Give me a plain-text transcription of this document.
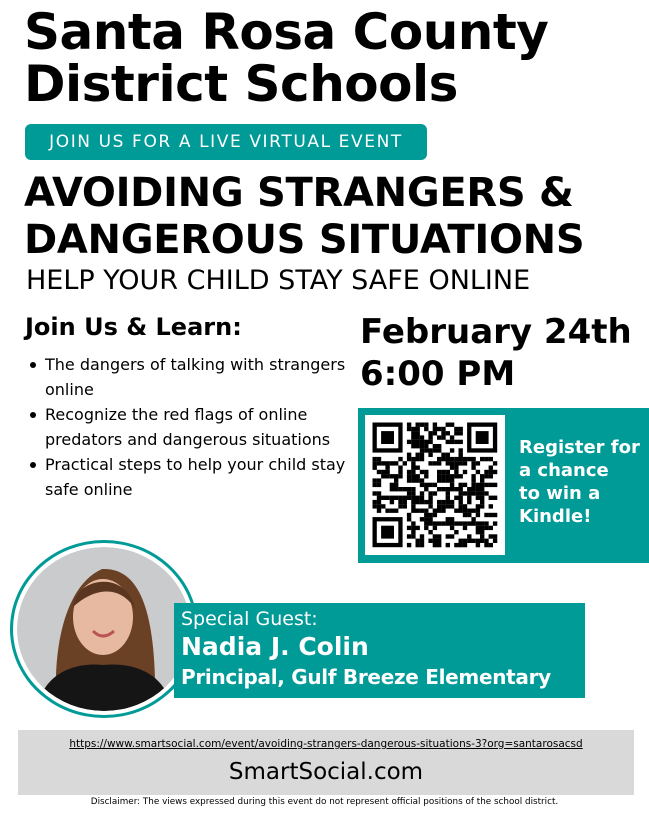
Santa Rosa County
District Schools
JOIN US FOR A LIVE VIRTUAL EVENT
AVOIDING STRANGERS &
DANGEROUS SITUATIONS
HELP YOUR CHILD STAY SAFE ONLINE
Join Us & Learn:
The dangers of talking with strangers online
Recognize the red flags of online predators and dangerous situations
Practical steps to help your child stay safe online
February 24th
6:00 PM
Register for
a chance
to win a
Kindle!
Special Guest:
Nadia J. Colin
Principal, Gulf Breeze Elementary
https://www.smartsocial.com/event/avoiding-strangers-dangerous-situations-3?org=santarosacsd
SmartSocial.com
Disclaimer: The views expressed during this event do not represent official positions of the school district.
